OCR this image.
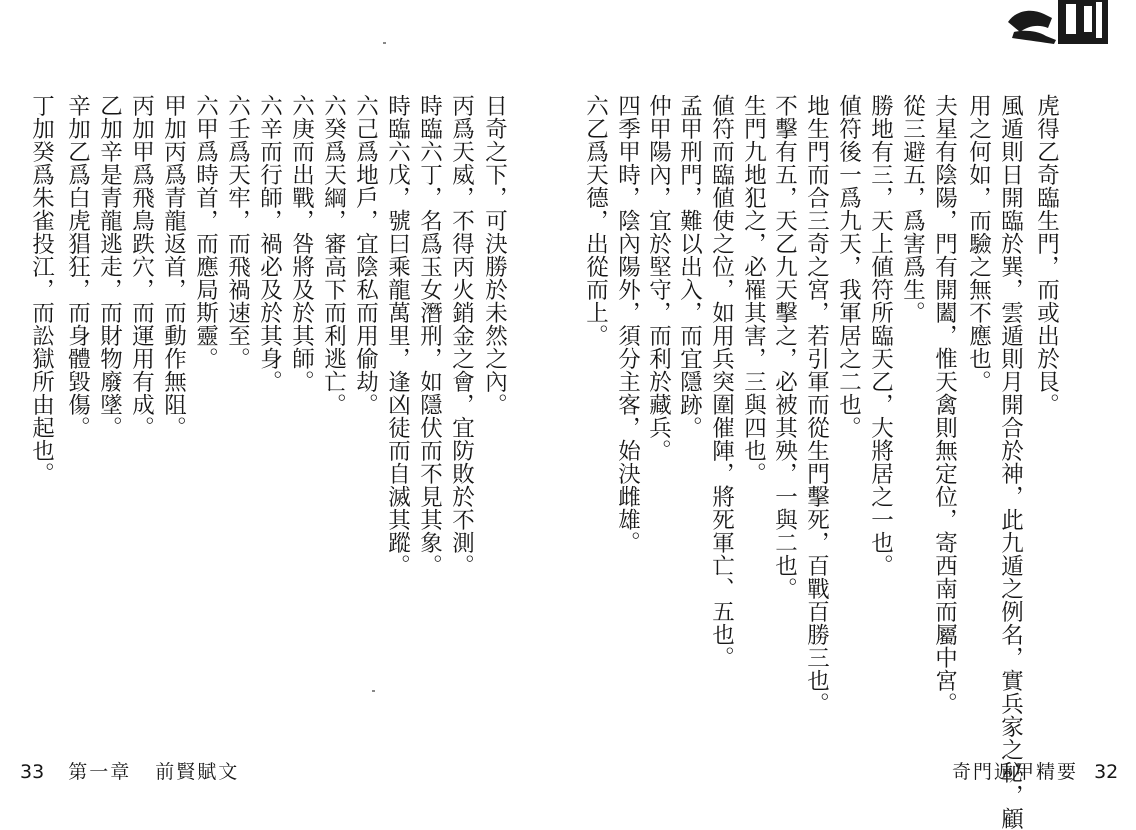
虎得乙奇臨生門，而或出於艮。
風遁則日開臨於巽，雲遁則月開合於神，此九遁之例名，實兵家之秘，顧
用之何如，而驗之無不應也。
夫星有陰陽，門有開闔，惟天禽則無定位，寄西南而屬中宮。
從三避五，爲害爲生。
勝地有三，天上値符所臨天乙，大將居之一也。
値符後一爲九天，我軍居之二也。
地生門而合三奇之宮，若引軍而從生門擊死，百戰百勝三也。
不擊有五，天乙九天擊之，必被其殃，一與二也。
生門九地犯之，必罹其害，三與四也。
値符而臨値使之位，如用兵突圍催陣，將死軍亡、五也。
孟甲刑門，難以出入，而宜隱跡。
仲甲陽內，宜於堅守，而利於藏兵。
四季甲時，陰內陽外，須分主客，始決雌雄。
六乙爲天德，出從而上。
奇門遁甲精要 32
日奇之下，可決勝於未然之內。
丙爲天威，不得丙火銷金之會，宜防敗於不測。
時臨六丁，名爲玉女潛刑，如隱伏而不見其象。
時臨六戊，號曰乘龍萬里，逢凶徒而自滅其蹤。
六己爲地戶，宜陰私而用偷劫。
六癸爲天綱，審高下而利逃亡。
六庚而出戰，咎將及於其師。
六辛而行師，禍必及於其身。
六壬爲天牢，而飛禍速至。
六甲爲時首，而應局斯靈。
甲加丙爲青龍返首，而動作無阻。
丙加甲爲飛鳥跌穴，而運用有成。
乙加辛是青龍逃走，而財物廢墜。
辛加乙爲白虎猖狂，而身體毀傷。
丁加癸爲朱雀投江，而訟獄所由起也。
33 第一章 前賢賦文
